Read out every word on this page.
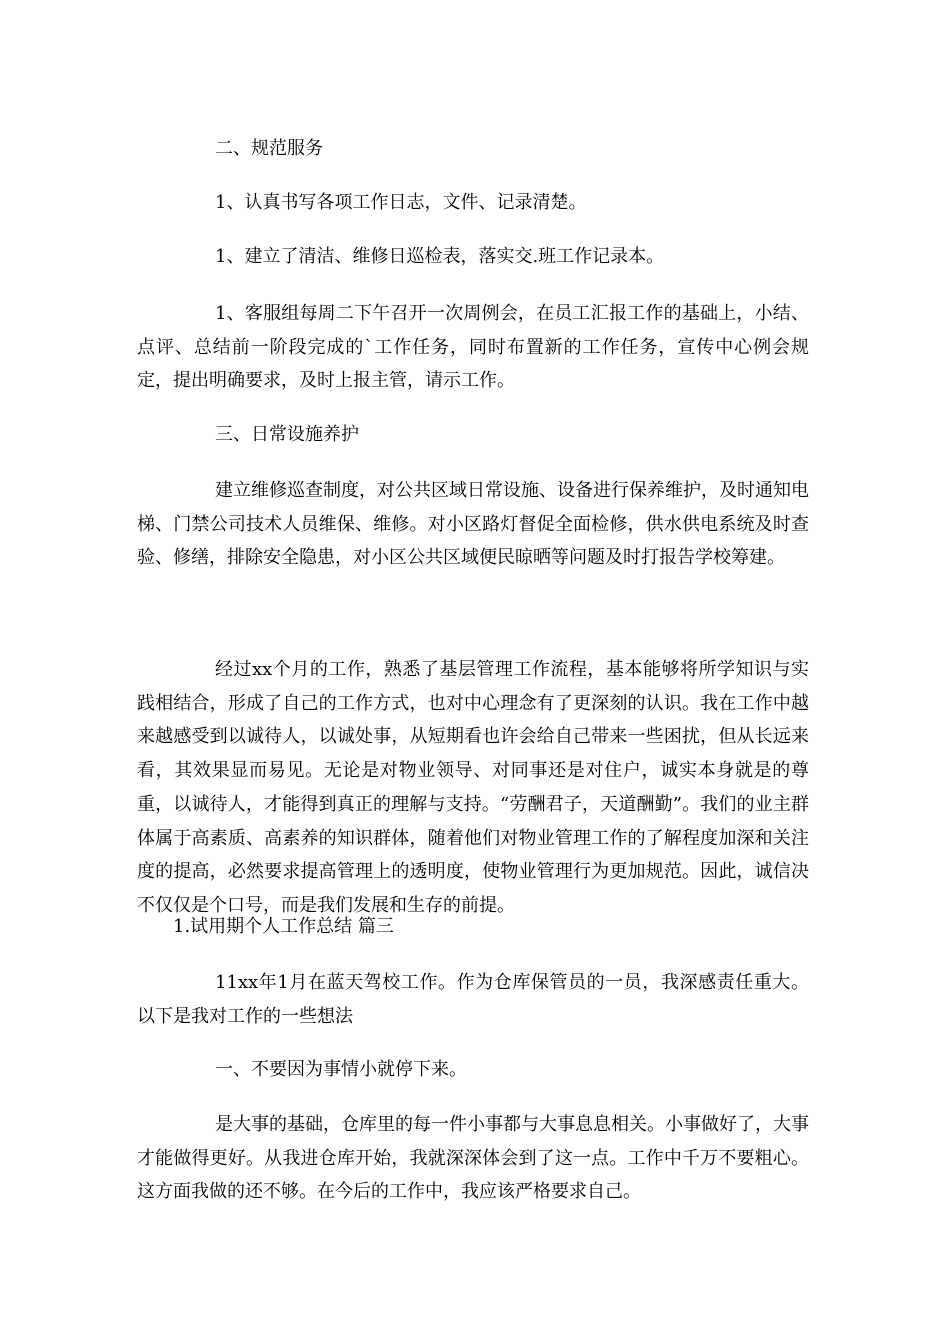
二、规范服务

1、认真书写各项工作日志，文件、记录清楚。

1、建立了清洁、维修日巡检表，落实交.班工作记录本。

1、客服组每周二下午召开一次周例会，在员工汇报工作的基础上，小结、点评、总结前一阶段完成的`工作任务，同时布置新的工作任务，宣传中心例会规定，提出明确要求，及时上报主管，请示工作。

三、日常设施养护

建立维修巡查制度，对公共区域日常设施、设备进行保养维护，及时通知电梯、门禁公司技术人员维保、维修。对小区路灯督促全面检修，供水供电系统及时查验、修缮，排除安全隐患，对小区公共区域便民晾晒等问题及时打报告学校筹建。

经过xx个月的工作，熟悉了基层管理工作流程，基本能够将所学知识与实践相结合，形成了自己的工作方式，也对中心理念有了更深刻的认识。我在工作中越来越感受到以诚待人，以诚处事，从短期看也许会给自己带来一些困扰，但从长远来看，其效果显而易见。无论是对物业领导、对同事还是对住户，诚实本身就是的尊重，以诚待人，才能得到真正的理解与支持。“劳酬君子，天道酬勤”。我们的业主群体属于高素质、高素养的知识群体，随着他们对物业管理工作的了解程度加深和关注度的提高，必然要求提高管理上的透明度，使物业管理行为更加规范。因此，诚信决不仅仅是个口号，而是我们发展和生存的前提。

1.试用期个人工作总结 篇三

11xx年1月在蓝天驾校工作。作为仓库保管员的一员，我深感责任重大。以下是我对工作的一些想法

一、不要因为事情小就停下来。

是大事的基础，仓库里的每一件小事都与大事息息相关。小事做好了，大事才能做得更好。从我进仓库开始，我就深深体会到了这一点。工作中千万不要粗心。这方面我做的还不够。在今后的工作中，我应该严格要求自己。
